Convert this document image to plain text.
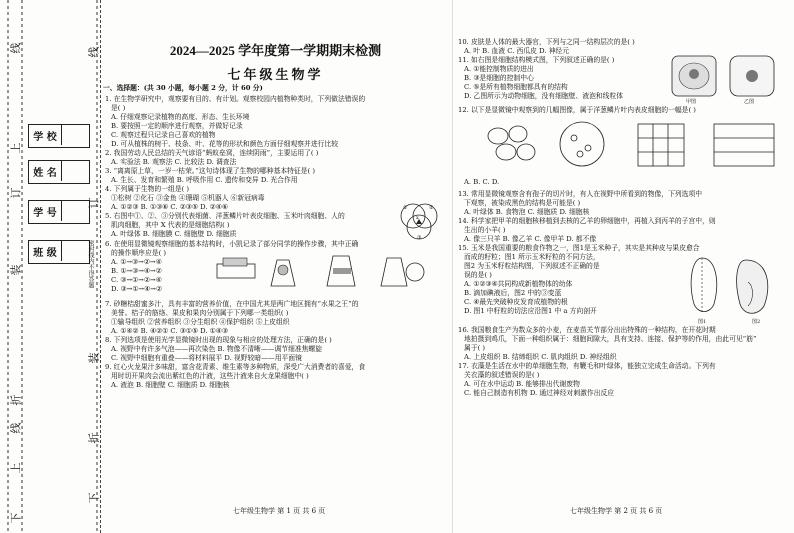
学 校
姓 名
学 号
班 级	密封线内不得答题
线
订
装
线
订
装
上
折
线
上
下
折
下
2024—2025 学年度第一学期期末检测
七年级生物学
一、选择题：(共 30 小题，每小题 2 分，计 60 分)
1. 在生物学研究中，观察要有目的、有计划。观察校园内植物种类时，下列做法错误的
是( )
A. 仔细观察记录植物的高度、形态、生长环境
B. 要按照一定的顺序进行观察，并做好记录
C. 观察过程只记录自己喜欢的植物
D. 可从植株的树干、枝条、叶、花等的形状和颜色方面仔细观察并进行比较
2. 我国劳动人民总结的天气谚语“蚂蚁垒窝，连续阴雨”，主要运用了( )
A. 实验法 B. 观察法 C. 比较法 D. 调查法
3. “离离原上草，一岁一枯荣。”这句诗体现了生物的哪种基本特征是( )
A. 生长、发育和繁殖 B. 呼吸作用 C. 遗传和变异 D. 光合作用
4. 下列属于生物的一组是( )
①松树 ②化石 ③金鱼 ④珊瑚 ⑤机器人 ⑥新冠病毒
A. ①②③ B. ①③⑥ C. ②③⑤ D. ②④⑥
5. 右图中①、②、③分别代表细菌、洋葱鳞片叶表皮细胞、玉米叶肉细胞、人的
肌肉细胞，其中 X 代表的是细胞结构( )
A. 叶绿体 B. 细胞膜 C. 细胞壁 D. 细胞质
①	②
③
x
6. 在使用显微镜观察细胞的基本结构时，小凯记录了部分同学的操作步骤，其中正确
的操作顺序应是( )
A. ①→③→②→④
B. ①→③→④→②
C. ③→①→②→④
D. ③→①→④→②
7. 砂糖桔甜蜜多汁，具有丰富的营养价值，在中国尤其是两广地区拥有“水果之王”的
美誉。桔子的筋络、果皮和果肉分别属于下列哪一类组织( )
①输导组织 ②营养组织 ③分生组织 ④保护组织 ⑤上皮组织
A. ①④② B. ④②① C. ③①⑤ D. ①④③
8. 下列选项是使用光学显微镜时出现的现象与相应的处理方法，正确的是( )
A. 视野中有许多气泡——再次染色 B. 物像不清晰——调节细准焦螺旋
C. 视野中细胞有重叠——将材料展平 D. 视野较暗——用平面镜
9. 红心火龙果汁多味甜，富含花青素、维生素等多种物质，深受广大消费者的喜爱，食
用时切开果肉会流出紫红色的汁液，这些汁液来自火龙果细胞中( )
A. 液泡 B. 细胞壁 C. 细胞质 D. 细胞核
七年级生物学 第 1 页 共 6 页
10. 皮肤是人体的最大器官，下列与之同一结构层次的是( )
A. 叶 B. 血液 C. 西瓜皮 D. 神经元
11. 如右图是细胞结构模式图，下列叙述正确的是( )
A. ①能控制物质的进出
B. ③是细胞的控制中心
C. ⑤是所有植物细胞都具有的结构
D. 乙图所示为动物细胞，没有细胞壁、液泡和线粒体
甲图	乙图
12. 以下是显微镜中观察到的几幅图像，属于洋葱鳞片叶内表皮细胞的一幅是( )
A. B. C. D.
13. 常用显微镜观察含有孢子的切片时，有人在视野中所看到的物像，下列选项中
下观察，被染成黑色的结构是可能是( )
A. 叶绿体 B. 食物泡 C. 细胞质 D. 细胞核
14. 科学家把甲羊的细胞核移植到去核的乙羊的卵细胞中，再植入到丙羊的子宫中，则
生出的小羊( )
A. 像三只羊 B. 像乙羊 C. 像甲羊 D. 都不像
15. 玉米是我国重要的粮食作物之一，图1是玉米种子，其实是其种皮与果皮愈合
而成的籽粒；图1 所示玉米籽粒的不同方法，
图2 为玉米籽粒结构图，下列叙述不正确的是
误的是( )
A. ①②③④共同构成新植物体的幼体
B. 滴加碘液后，图2 中的③变蓝
C. ④最先突破种皮发育成植物的根
D. 图1 中籽粒的切法应沿图1 中 a 方向剖开
图1	图2
16. 我国粮食生产为数众多的小麦，在麦苗关节部分出出特殊的一种结构，在开花时期
地拍摄到鸡爪，下面一种组织属于：细胞间隙大，具有支持、连接、保护等的作用，由此可见“筋”
属于( )
A. 上皮组织 B. 结缔组织 C. 肌肉组织 D. 神经组织
17. 衣藻是生活在水中的单细胞生物，有鞭毛和叶绿体，能独立完成生命活动。下列有
关衣藻的叙述错误的是( )
A. 可在水中运动 B. 能够排出代谢废物
C. 能自己制造有机物 D. 通过神经对刺激作出反应
七年级生物学 第 2 页 共 6 页
